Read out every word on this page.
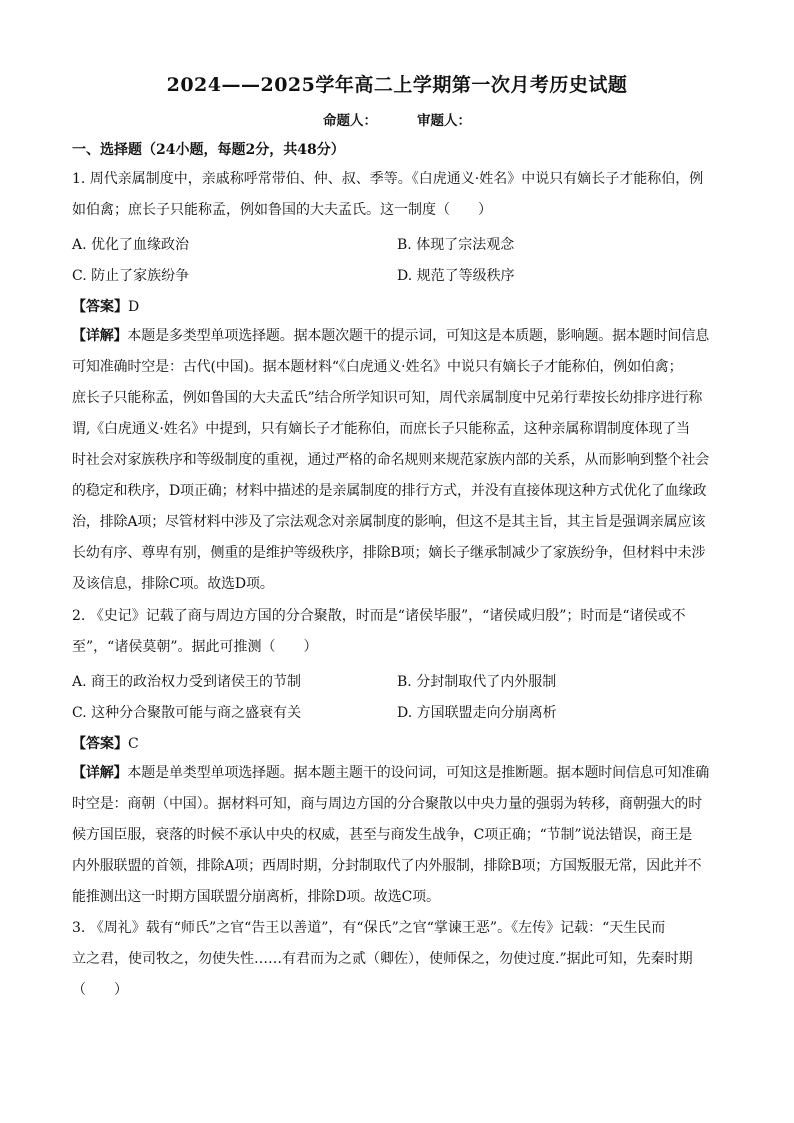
2024——2025学年高二上学期第一次月考历史试题
命题人：	审题人：
一、选择题（24小题，每题2分，共48分）
1. 周代亲属制度中，亲戚称呼常带伯、仲、叔、季等。《白虎通义·姓名》中说只有嫡长子才能称伯，例
如伯禽；庶长子只能称孟，例如鲁国的大夫孟氏。这一制度（　　）
A. 优化了血缘政治	B. 体现了宗法观念
C. 防止了家族纷争	D. 规范了等级秩序
【答案】D
【详解】本题是多类型单项选择题。据本题次题干的提示词，可知这是本质题，影响题。据本题时间信息
可知准确时空是：古代(中国)。据本题材料“《白虎通义·姓名》中说只有嫡长子才能称伯，例如伯禽；
庶长子只能称孟，例如鲁国的大夫孟氏”结合所学知识可知，周代亲属制度中兄弟行辈按长幼排序进行称
谓,《白虎通义·姓名》中提到，只有嫡长子才能称伯，而庶长子只能称孟，这种亲属称谓制度体现了当
时社会对家族秩序和等级制度的重视，通过严格的命名规则来规范家族内部的关系，从而影响到整个社会
的稳定和秩序，D项正确；材料中描述的是亲属制度的排行方式，并没有直接体现这种方式优化了血缘政
治，排除A项；尽管材料中涉及了宗法观念对亲属制度的影响，但这不是其主旨，其主旨是强调亲属应该
长幼有序、尊卑有别，侧重的是维护等级秩序，排除B项；嫡长子继承制减少了家族纷争，但材料中未涉
及该信息，排除C项。故选D项。
2. 《史记》记载了商与周边方国的分合聚散，时而是“诸侯毕服”，“诸侯咸归殷”；时而是“诸侯或不
至”，“诸侯莫朝”。据此可推测（　　）
A. 商王的政治权力受到诸侯王的节制	B. 分封制取代了内外服制
C. 这种分合聚散可能与商之盛衰有关	D. 方国联盟走向分崩离析
【答案】C
【详解】本题是单类型单项选择题。据本题主题干的设问词，可知这是推断题。据本题时间信息可知准确
时空是：商朝（中国）。据材料可知，商与周边方国的分合聚散以中央力量的强弱为转移，商朝强大的时
候方国臣服，衰落的时候不承认中央的权威，甚至与商发生战争，C项正确；“节制”说法错误，商王是
内外服联盟的首领，排除A项；西周时期，分封制取代了内外服制，排除B项；方国叛服无常，因此并不
能推测出这一时期方国联盟分崩离析，排除D项。故选C项。
3. 《周礼》载有“师氏”之官“告王以善道”，有“保氏”之官“掌谏王恶”。《左传》记载：“天生民而
立之君，使司牧之，勿使失性……有君而为之贰（卿佐），使师保之，勿使过度.”据此可知，先秦时期
（　　）
